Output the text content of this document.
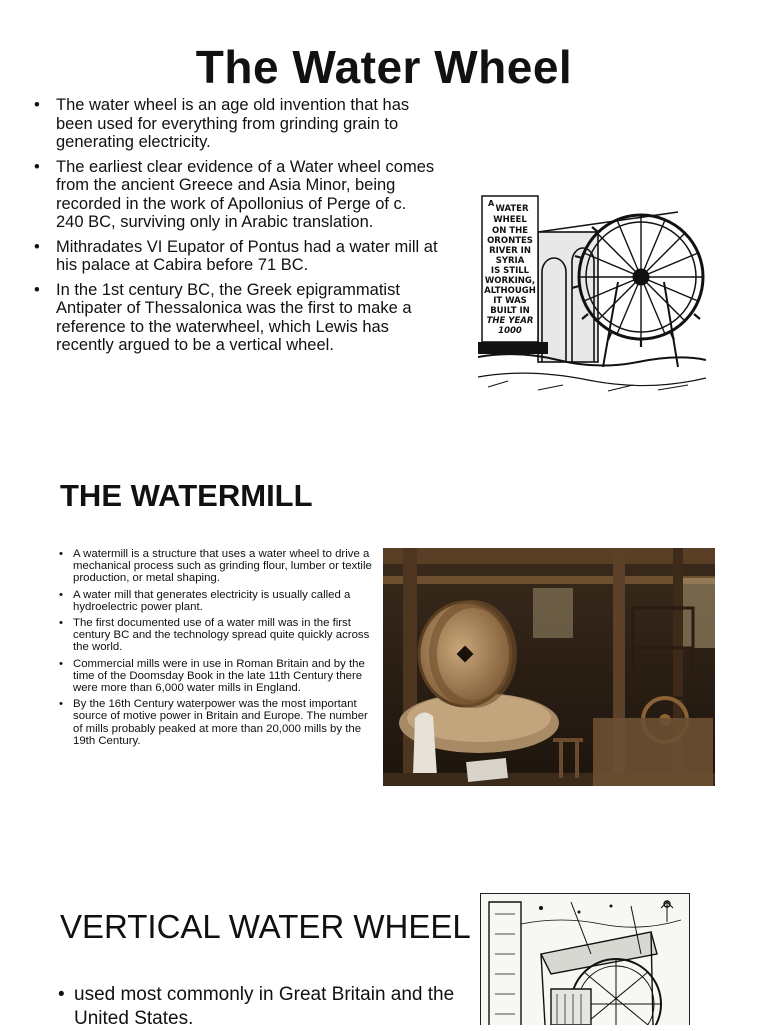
The Water Wheel
• The water wheel is an age old invention that has been used for everything from grinding grain to generating electricity.
• The earliest clear evidence of a Water wheel comes from the ancient Greece and Asia Minor, being recorded in the work of Apollonius of Perge of c. 240 BC, surviving only in Arabic translation.
• Mithradates VI Eupator of Pontus had a water mill at his palace at Cabira before 71 BC.
• In the 1st century BC, the Greek epigrammatist Antipater of Thessalonica was the first to make a reference to the waterwheel, which Lewis has recently argued to be a vertical wheel.
A
WATER
WHEEL
ON THE
ORONTES
RIVER IN
SYRIA
IS STILL
WORKING,
ALTHOUGH
IT WAS
BUILT IN
THE YEAR
1000
THE WATERMILL
• A watermill is a structure that uses a water wheel to drive a mechanical process such as grinding flour, lumber or textile production, or metal shaping.
• A water mill that generates electricity is usually called a hydroelectric power plant.
• The first documented use of a water mill was in the first century BC and the technology spread quite quickly across the world.
• Commercial mills were in use in Roman Britain and by the time of the Doomsday Book in the late 11th Century there were more than 6,000 water mills in England.
• By the 16th Century waterpower was the most important source of motive power in Britain and Europe. The number of mills probably peaked at more than 20,000 mills by the 19th Century.
VERTICAL WATER WHEEL
• used most commonly in Great Britain and the United States.
